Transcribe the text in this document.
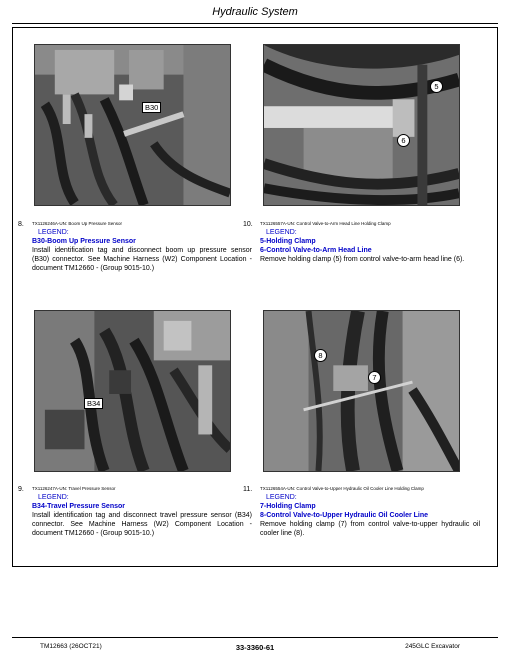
Hydraulic System
B30
5
6
8. TX1126246A-UN: Boom Up Pressure Sensor
LEGEND:
B30-Boom Up Pressure Sensor
Install identification tag and disconnect boom up pressure sensor (B30) connector. See Machine Harness (W2) Component Location - document TM12660 - (Group 9015-10.)
10. TX1126557A-UN: Control Valve-to-Arm Head Line Holding Clamp
LEGEND:
5-Holding Clamp
6-Control Valve-to-Arm Head Line
Remove holding clamp (5) from control valve-to-arm head line (6).
B34
8
7
9. TX1126247A-UN: Travel Pressure Sensor
LEGEND:
B34-Travel Pressure Sensor
Install identification tag and disconnect travel pressure sensor (B34) connector. See Machine Harness (W2) Component Location - document TM12660 - (Group 9015-10.)
11. TX1126554A-UN: Control Valve-to-Upper Hydraulic Oil Cooler Line Holding Clamp
LEGEND:
7-Holding Clamp
8-Control Valve-to-Upper Hydraulic Oil Cooler Line
Remove holding clamp (7) from control valve-to-upper hydraulic oil cooler line (8).
TM12663 (26OCT21)	33-3360-61	245GLC Excavator
